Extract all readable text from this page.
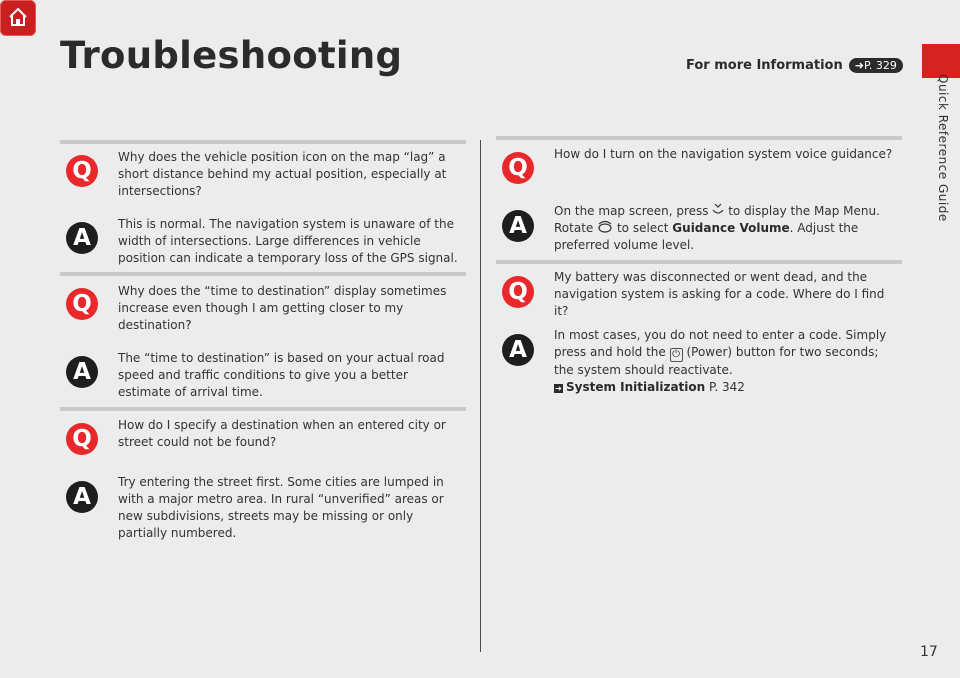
Quick Reference Guide
Troubleshooting	For more Information ➜P. 329
Q
Why does the vehicle position icon on the map “lag” a short distance behind my actual position, especially at intersections?
A
This is normal. The navigation system is unaware of the width of intersections. Large differences in vehicle position can indicate a temporary loss of the GPS signal.
Q	Why does the “time to destination” display sometimes increase even though I am getting closer to my destination?
A
The “time to destination” is based on your actual road speed and traffic conditions to give you a better estimate of arrival time.
Q
How do I specify a destination when an entered city or street could not be found?
A
Try entering the street first. Some cities are lumped in with a major metro area. In rural “unverified” areas or new subdivisions, streets may be missing or only partially numbered.
Q
How do I turn on the navigation system voice guidance?
A
On the map screen, press to display the Map Menu. Rotate to select Guidance Volume. Adjust the preferred volume level.
Q
My battery was disconnected or went dead, and the navigation system is asking for a code. Where do I find it?
A
In most cases, you do not need to enter a code. Simply press and hold the ⏻ (Power) button for two seconds; the system should reactivate.
➜ System Initialization P. 342
17
